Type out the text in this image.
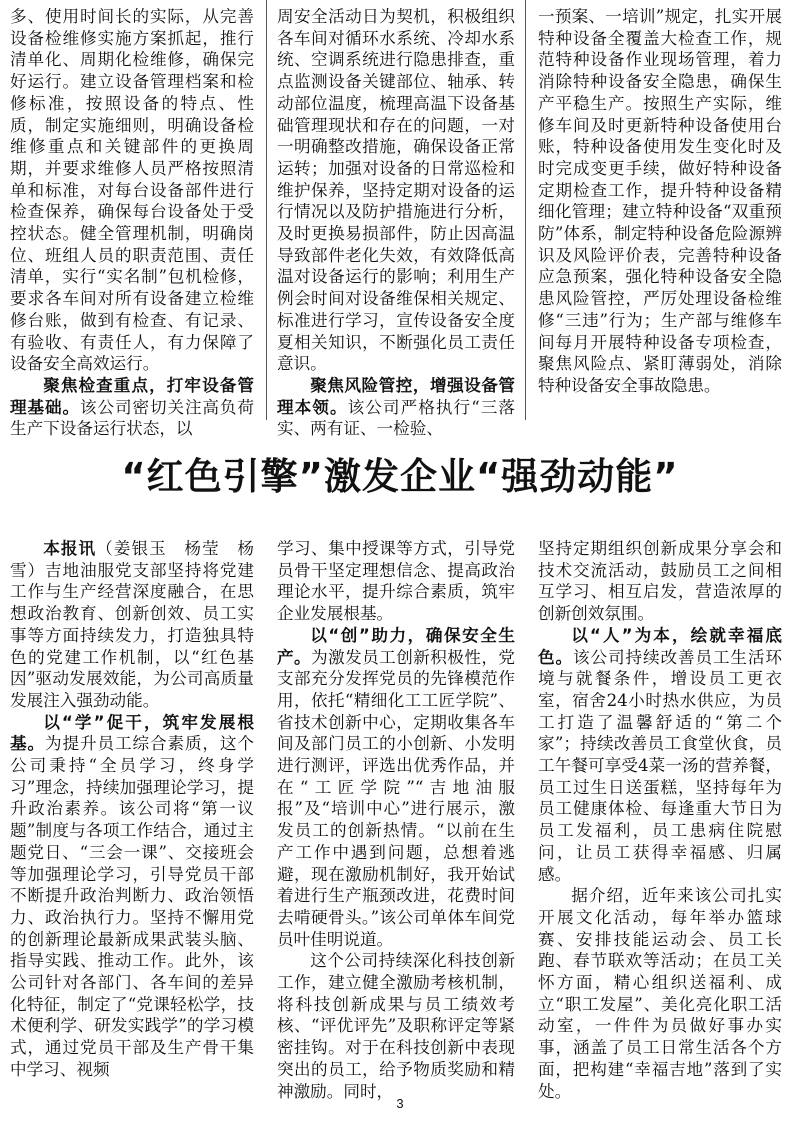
多、使用时间长的实际，从完善设备检维修实施方案抓起，推行清单化、周期化检维修，确保完好运行。建立设备管理档案和检修标准，按照设备的特点、性质，制定实施细则，明确设备检维修重点和关键部件的更换周期，并要求维修人员严格按照清单和标准，对每台设备部件进行检查保养，确保每台设备处于受控状态。健全管理机制，明确岗位、班组人员的职责范围、责任清单，实行“实名制”包机检修，要求各车间对所有设备建立检维修台账，做到有检查、有记录、有验收、有责任人，有力保障了设备安全高效运行。

聚焦检查重点，打牢设备管理基础。该公司密切关注高负荷生产下设备运行状态，以

周安全活动日为契机，积极组织各车间对循环水系统、冷却水系统、空调系统进行隐患排查，重点监测设备关键部位、轴承、转动部位温度，梳理高温下设备基础管理现状和存在的问题，一对一明确整改措施，确保设备正常运转；加强对设备的日常巡检和维护保养，坚持定期对设备的运行情况以及防护措施进行分析，及时更换易损部件，防止因高温导致部件老化失效，有效降低高温对设备运行的影响；利用生产例会时间对设备维保相关规定、标准进行学习，宣传设备安全度夏相关知识，不断强化员工责任意识。

聚焦风险管控，增强设备管理本领。该公司严格执行“三落实、两有证、一检验、

一预案、一培训”规定，扎实开展特种设备全覆盖大检查工作，规范特种设备作业现场管理，着力消除特种设备安全隐患，确保生产平稳生产。按照生产实际，维修车间及时更新特种设备使用台账，特种设备使用发生变化时及时完成变更手续，做好特种设备定期检查工作，提升特种设备精细化管理；建立特种设备“双重预防”体系，制定特种设备危险源辨识及风险评价表，完善特种设备应急预案，强化特种设备安全隐患风险管控，严厉处理设备检维修“三违”行为；生产部与维修车间每月开展特种设备专项检查，聚焦风险点、紧盯薄弱处，消除特种设备安全事故隐患。

“红色引擎”激发企业“强劲动能”

本报讯（姜银玉　杨莹　杨雪）吉地油服党支部坚持将党建工作与生产经营深度融合，在思想政治教育、创新创效、员工实事等方面持续发力，打造独具特色的党建工作机制，以“红色基因”驱动发展效能，为公司高质量发展注入强劲动能。

以“学”促干，筑牢发展根基。为提升员工综合素质，这个公司秉持“全员学习，终身学习”理念，持续加强理论学习，提升政治素养。该公司将“第一议题”制度与各项工作结合，通过主题党日、“三会一课”、交接班会等加强理论学习，引导党员干部不断提升政治判断力、政治领悟力、政治执行力。坚持不懈用党的创新理论最新成果武装头脑、指导实践、推动工作。此外，该公司针对各部门、各车间的差异化特征，制定了“党课轻松学，技术便利学、研发实践学”的学习模式，通过党员干部及生产骨干集中学习、视频

学习、集中授课等方式，引导党员骨干坚定理想信念、提高政治理论水平，提升综合素质，筑牢企业发展根基。

以“创”助力，确保安全生产。为激发员工创新积极性，党支部充分发挥党员的先锋模范作用，依托“精细化工工匠学院”、省技术创新中心，定期收集各车间及部门员工的小创新、小发明进行测评，评选出优秀作品，并在“工匠学院”“吉地油服报”及“培训中心”进行展示，激发员工的创新热情。“以前在生产工作中遇到问题，总想着逃避，现在激励机制好，我开始试着进行生产瓶颈改进，花费时间去啃硬骨头。”该公司单体车间党员叶佳明说道。

这个公司持续深化科技创新工作，建立健全激励考核机制，将科技创新成果与员工绩效考核、“评优评先”及职称评定等紧密挂钩。对于在科技创新中表现突出的员工，给予物质奖励和精神激励。同时，

坚持定期组织创新成果分享会和技术交流活动，鼓励员工之间相互学习、相互启发，营造浓厚的创新创效氛围。

以“人”为本，绘就幸福底色。该公司持续改善员工生活环境与就餐条件，增设员工更衣室，宿舍24小时热水供应，为员工打造了温馨舒适的“第二个家”；持续改善员工食堂伙食，员工午餐可享受4菜一汤的营养餐，员工过生日送蛋糕，坚持每年为员工健康体检、每逢重大节日为员工发福利，员工患病住院慰问，让员工获得幸福感、归属感。

据介绍，近年来该公司扎实开展文化活动，每年举办篮球赛、安排技能运动会、员工长跑、春节联欢等活动；在员工关怀方面，精心组织送福利、成立“职工发屋”、美化亮化职工活动室，一件件为员做好事办实事，涵盖了员工日常生活各个方面，把构建“幸福吉地”落到了实处。

3
